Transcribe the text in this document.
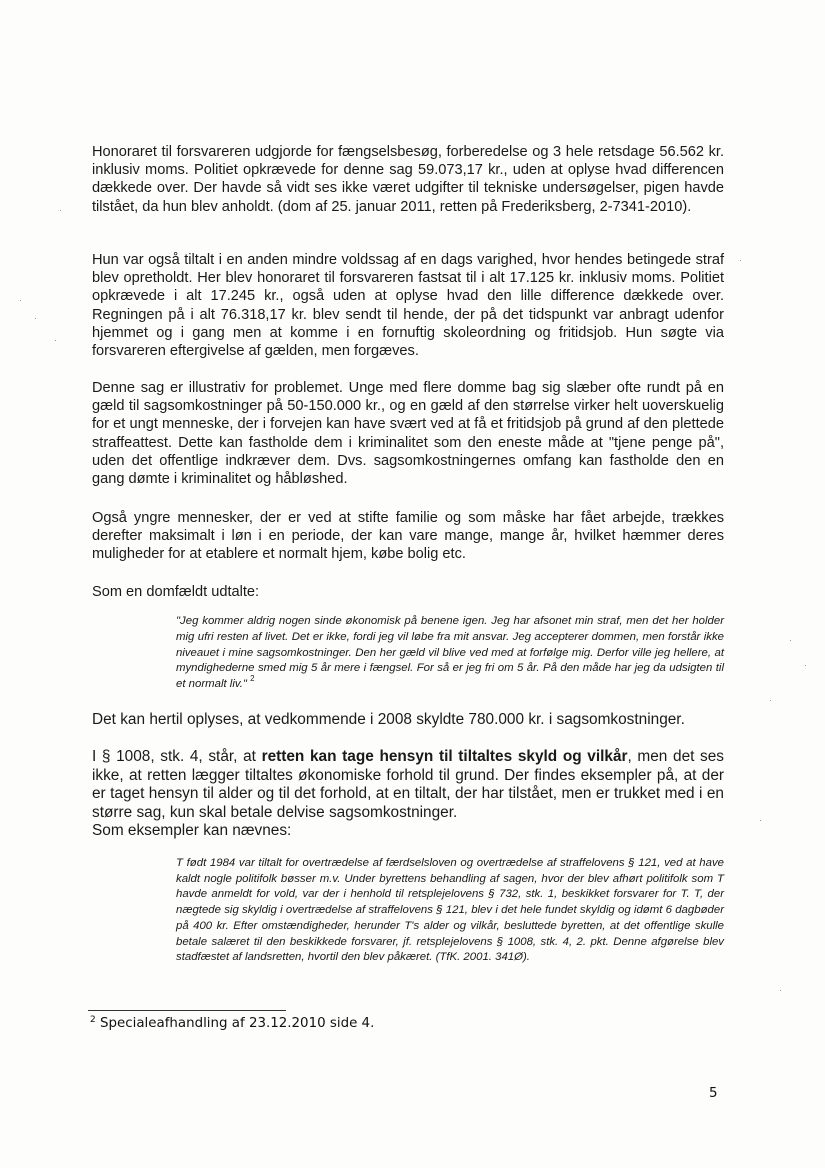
Honoraret til forsvareren udgjorde for fængselsbesøg, forberedelse og 3 hele retsdage 56.562 kr. inklusiv moms. Politiet opkrævede for denne sag 59.073,17 kr., uden at oplyse hvad differencen dækkede over. Der havde så vidt ses ikke været udgifter til tekniske undersøgelser, pigen havde tilstået, da hun blev anholdt. (dom af 25. januar 2011, retten på Frederiksberg, 2-7341-2010).

Hun var også tiltalt i en anden mindre voldssag af en dags varighed, hvor hendes betingede straf blev opretholdt. Her blev honoraret til forsvareren fastsat til i alt 17.125 kr. inklusiv moms. Politiet opkrævede i alt 17.245 kr., også uden at oplyse hvad den lille difference dækkede over. Regningen på i alt 76.318,17 kr. blev sendt til hende, der på det tidspunkt var anbragt udenfor hjemmet og i gang men at komme i en fornuftig skoleordning og fritidsjob. Hun søgte via forsvareren eftergivelse af gælden, men forgæves.

Denne sag er illustrativ for problemet. Unge med flere domme bag sig slæber ofte rundt på en gæld til sagsomkostninger på 50-150.000 kr., og en gæld af den størrelse virker helt uoverskuelig for et ungt menneske, der i forvejen kan have svært ved at få et fritidsjob på grund af den plettede straffeattest. Dette kan fastholde dem i kriminalitet som den eneste måde at "tjene penge på", uden det offentlige indkræver dem. Dvs. sagsomkostningernes omfang kan fastholde den en gang dømte i kriminalitet og håbløshed.

Også yngre mennesker, der er ved at stifte familie og som måske har fået arbejde, trækkes derefter maksimalt i løn i en periode, der kan vare mange, mange år, hvilket hæmmer deres muligheder for at etablere et normalt hjem, købe bolig etc.

Som en domfældt udtalte:

"Jeg kommer aldrig nogen sinde økonomisk på benene igen. Jeg har afsonet min straf, men det her holder mig ufri resten af livet. Det er ikke, fordi jeg vil løbe fra mit ansvar. Jeg accepterer dommen, men forstår ikke niveauet i mine sagsomkostninger. Den her gæld vil blive ved med at forfølge mig. Derfor ville jeg hellere, at myndighederne smed mig 5 år mere i fængsel. For så er jeg fri om 5 år. På den måde har jeg da udsigten til et normalt liv." $^2$

Det kan hertil oplyses, at vedkommende i 2008 skyldte 780.000 kr. i sagsomkostninger.

I § 1008, stk. 4, står, at retten kan tage hensyn til tiltaltes skyld og vilkår, men det ses ikke, at retten lægger tiltaltes økonomiske forhold til grund. Der findes eksempler på, at der er taget hensyn til alder og til det forhold, at en tiltalt, der har tilstået, men er trukket med i en større sag, kun skal betale delvise sagsomkostninger.

Som eksempler kan nævnes:

T født 1984 var tiltalt for overtrædelse af færdselsloven og overtrædelse af straffelovens § 121, ved at have kaldt nogle politifolk bøsser m.v. Under byrettens behandling af sagen, hvor der blev afhørt politifolk som T havde anmeldt for vold, var der i henhold til retsplejelovens § 732, stk. 1, beskikket forsvarer for T. T, der nægtede sig skyldig i overtrædelse af straffelovens § 121, blev i det hele fundet skyldig og idømt 6 dagbøder på 400 kr. Efter omstændigheder, herunder T's alder og vilkår, besluttede byretten, at det offentlige skulle betale salæret til den beskikkede forsvarer, jf. retsplejelovens § 1008, stk. 4, 2. pkt. Denne afgørelse blev stadfæstet af landsretten, hvortil den blev påkæret. (TfK. 2001. 341Ø).

$^2$ Specialeafhandling af 23.12.2010 side 4.
5
